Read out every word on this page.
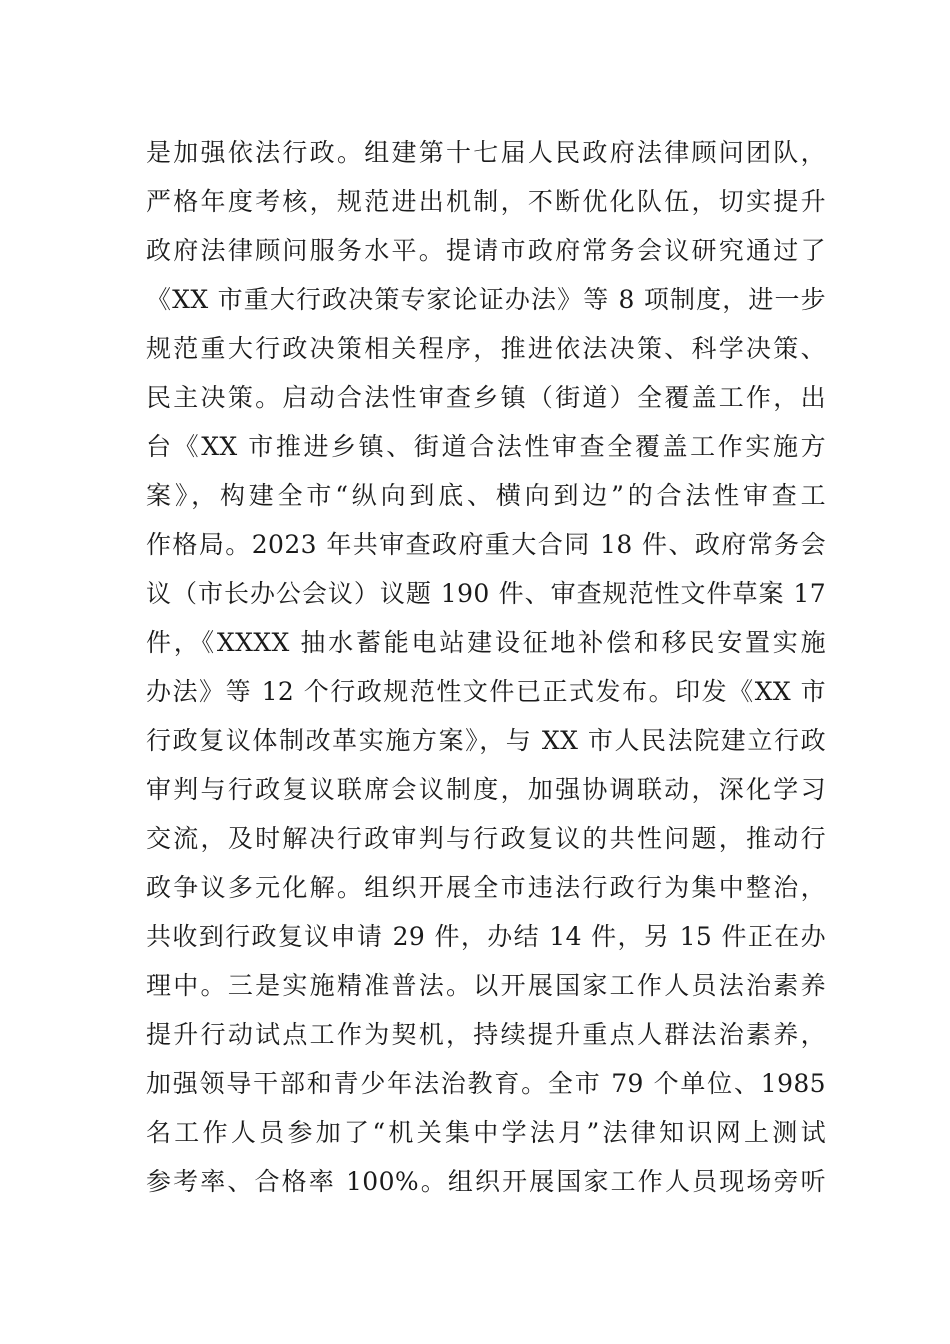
是加强依法行政。组建第十七届人民政府法律顾问团队，
严格年度考核，规范进出机制，不断优化队伍，切实提升
政府法律顾问服务水平。提请市政府常务会议研究通过了
《XX 市重大行政决策专家论证办法》等 8 项制度，进一步
规范重大行政决策相关程序，推进依法决策、科学决策、
民主决策。启动合法性审查乡镇（街道）全覆盖工作，出
台《XX 市推进乡镇、街道合法性审查全覆盖工作实施方
案》，构建全市“纵向到底、横向到边”的合法性审查工
作格局。2023 年共审查政府重大合同 18 件、政府常务会
议（市长办公会议）议题 190 件、审查规范性文件草案 17
件，《XXXX 抽水蓄能电站建设征地补偿和移民安置实施
办法》等 12 个行政规范性文件已正式发布。印发《XX 市
行政复议体制改革实施方案》，与 XX 市人民法院建立行政
审判与行政复议联席会议制度，加强协调联动，深化学习
交流，及时解决行政审判与行政复议的共性问题，推动行
政争议多元化解。组织开展全市违法行政行为集中整治，
共收到行政复议申请 29 件，办结 14 件，另 15 件正在办
理中。三是实施精准普法。以开展国家工作人员法治素养
提升行动试点工作为契机，持续提升重点人群法治素养，
加强领导干部和青少年法治教育。全市 79 个单位、1985
名工作人员参加了“机关集中学法月”法律知识网上测试
参考率、合格率 100%。组织开展国家工作人员现场旁听
